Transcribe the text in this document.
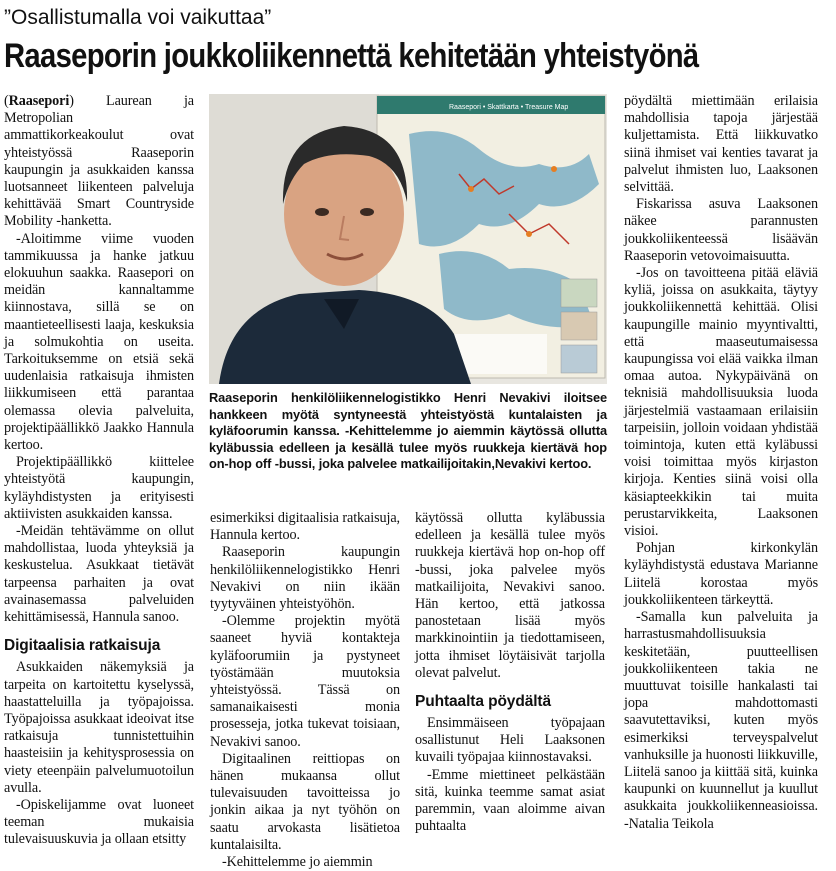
”Osallistumalla voi vaikuttaa”
Raaseporin joukkoliikennettä kehitetään yhteistyönä

(Raasepori) Laurean ja Metropolian ammattikorkeakoulut ovat yhteistyössä Raaseporin kaupungin ja asukkaiden kanssa luotsanneet liikenteen palveluja kehittävää Smart Countryside Mobility -hanketta.

-Aloitimme viime vuoden tammikuussa ja hanke jatkuu elokuuhun saakka. Raasepori on meidän kannaltamme kiinnostava, sillä se on maantieteellisesti laaja, keskuksia ja solmukohtia on useita. Tarkoituksemme on etsiä sekä uudenlaisia ratkaisuja ihmisten liikkumiseen että parantaa olemassa olevia palveluita, projektipäällikkö Jaakko Hannula kertoo.

Projektipäällikkö kiittelee yhteistyötä kaupungin, kyläyhdistysten ja erityisesti aktiivisten asukkaiden kanssa.

-Meidän tehtävämme on ollut mahdollistaa, luoda yhteyksiä ja keskustelua. Asukkaat tietävät tarpeensa parhaiten ja ovat avainasemassa palveluiden kehittämisessä, Hannula sanoo.

Digitaalisia ratkaisuja

Asukkaiden näkemyksiä ja tarpeita on kartoitettu kyselyssä, haastatteluilla ja työpajoissa. Työpajoissa asukkaat ideoivat itse ratkaisuja tunnistettuihin haasteisiin ja kehitysprosessia on viety eteenpäin palvelumuotoilun avulla.

-Opiskelijamme ovat luoneet teeman mukaisia tulevaisuuskuvia ja ollaan etsitty

Raasepori • Skattkarta • Treasure Map
Raaseporin henkilöliikennelogistikko Henri Nevakivi iloitsee hankkeen myötä syntyneestä yhteistyöstä kuntalaisten ja kyläfoorumin kanssa. -Kehittelemme jo aiemmin käytössä ollutta kyläbussia edelleen ja kesällä tulee myös ruukkeja kiertävä hop on-hop off -bussi, joka palvelee matkailijoitakin,Nevakivi kertoo.

esimerkiksi digitaalisia ratkaisuja, Hannula kertoo.

Raaseporin kaupungin henkilöliikennelogistikko Henri Nevakivi on niin ikään tyytyväinen yhteistyöhön.

-Olemme projektin myötä saaneet hyviä kontakteja kyläfoorumiin ja pystyneet työstämään muutoksia yhteistyössä. Tässä on samanaikaisesti monia prosesseja, jotka tukevat toisiaan, Nevakivi sanoo.

Digitaalinen reittiopas on hänen mukaansa ollut tulevaisuuden tavoitteissa jo jonkin aikaa ja nyt työhön on saatu arvokasta lisätietoa kuntalaisilta.

-Kehittelemme jo aiemmin

käytössä ollutta kyläbussia edelleen ja kesällä tulee myös ruukkeja kiertävä hop on-hop off -bussi, joka palvelee myös matkailijoita, Nevakivi sanoo. Hän kertoo, että jatkossa panostetaan lisää myös markkinointiin ja tiedottamiseen, jotta ihmiset löytäisivät tarjolla olevat palvelut.

Puhtaalta pöydältä

Ensimmäiseen työpajaan osallistunut Heli Laaksonen kuvaili työpajaa kiinnostavaksi.

-Emme miettineet pelkästään sitä, kuinka teemme samat asiat paremmin, vaan aloimme aivan puhtaalta

pöydältä miettimään erilaisia mahdollisia tapoja järjestää kuljettamista. Että liikkuvatko siinä ihmiset vai kenties tavarat ja palvelut ihmisten luo, Laaksonen selvittää.

Fiskarissa asuva Laaksonen näkee parannusten joukkoliikenteessä lisäävän Raaseporin vetovoimaisuutta.

-Jos on tavoitteena pitää eläviä kyliä, joissa on asukkaita, täytyy joukkoliikennettä kehittää. Olisi kaupungille mainio myyntivaltti, että maaseutumaisessa kaupungissa voi elää vaikka ilman omaa autoa. Nykypäivänä on teknisiä mahdollisuuksia luoda järjestelmiä vastaamaan erilaisiin tarpeisiin, jolloin voidaan yhdistää toimintoja, kuten että kyläbussi voisi toimittaa myös kirjaston kirjoja. Kenties siinä voisi olla käsiapteekkikin tai muita perustarvikkeita, Laaksonen visioi.

Pohjan kirkonkylän kyläyhdistystä edustava Marianne Liitelä korostaa myös joukkoliikenteen tärkeyttä.

-Samalla kun palveluita ja harrastusmahdollisuuksia keskitetään, puutteellisen joukkoliikenteen takia ne muuttuvat toisille hankalasti tai jopa mahdottomasti saavutettaviksi, kuten myös esimerkiksi terveyspalvelut vanhuksille ja huonosti liikkuville, Liitelä sanoo ja kiittää sitä, kuinka kaupunki on kuunnellut ja kuullut asukkaita joukkoliikenneasioissa. -Natalia Teikola
